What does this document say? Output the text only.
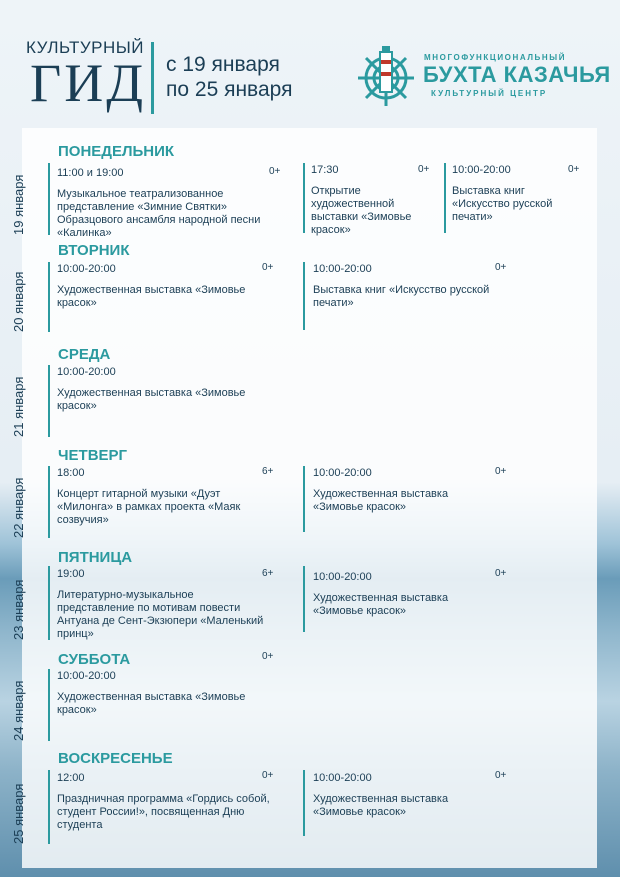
КУЛЬТУРНЫЙ
ГИД с 19 января
по 25 января
МНОГОФУНКЦИОНАЛЬНЫЙ
БУХТА КАЗАЧЬЯ
КУЛЬТУРНЫЙ ЦЕНТР
ПОНЕДЕЛЬНИК
19 января
11:00 и 19:00
Музыкальное театрализованное представление «Зимние Святки» Образцового ансамбля народной песни «Калинка»
0+	17:30
Открытие художественной выставки «Зимовье красок»
0+ 10:00-20:00
Выставка книг «Искусство русской печати»
0+
ВТОРНИК
20 января
10:00-20:00
Художественная выставка «Зимовье красок»
0+	10:00-20:00
Выставка книг «Искусство русской печати»
0+
СРЕДА
21 января
10:00-20:00
Художественная выставка «Зимовье красок»
ЧЕТВЕРГ
22 января
18:00
Концерт гитарной музыки «Дуэт «Милонга» в рамках проекта «Маяк созвучия»
6+	10:00-20:00
Художественная выставка «Зимовье красок»
0+
ПЯТНИЦА
23 января
19:00
Литературно-музыкальное представление по мотивам повести Антуана де Сент-Экзюпери «Маленький принц»
6+	10:00-20:00
Художественная выставка «Зимовье красок»
0+
СУББОТА
24 января
10:00-20:00
Художественная выставка «Зимовье красок»
0+
ВОСКРЕСЕНЬЕ
25 января
12:00
Праздничная программа «Гордись собой, студент России!», посвященная Дню студента
0+	10:00-20:00
Художественная выставка «Зимовье красок»
0+
